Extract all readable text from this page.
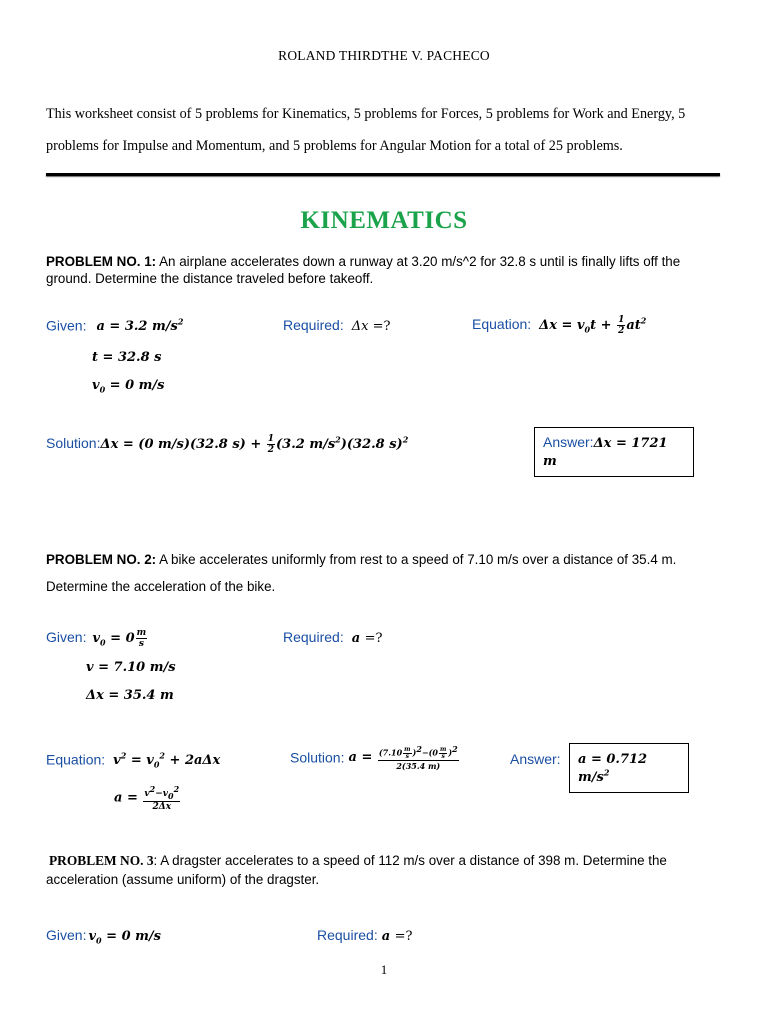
ROLAND THIRDTHE V. PACHECO
This worksheet consist of 5 problems for Kinematics, 5 problems for Forces, 5 problems for Work and Energy, 5 problems for Impulse and Momentum, and 5 problems for Angular Motion for a total of 25 problems.
KINEMATICS
PROBLEM NO. 1: An airplane accelerates down a runway at 3.20 m/s^2 for 32.8 s until is finally lifts off the ground. Determine the distance traveled before takeoff.
Given: a = 3.2 $m/s^2$
t = 32.8 s
$v_0 = 0$ m/s
Required: Δx =?	Equation: $\Delta x = v_0t + \frac{1}{2} at^2$
Solution:Δx = (0 m/s)(32.8 $s) + \frac{1}{2} (3.2$ $m/s^2)(32.8$ s)$^2$	Answer:Δx = 1721 m
PROBLEM NO. 2: A bike accelerates uniformly from rest to a speed of 7.10 m/s over a distance of 35.4 m. Determine the acceleration of the bike.
Given: $v_0 = 0 \frac{m}{s}$
v = 7.10 m/s
Δx = 35.4 m
Required: a =?
Equation: $v^2 = v_0^2 + 2a\Delta x$
$a = \frac{v^2-v_0^2}{2\Delta x}$
Solution: $a = \frac{(7.10 \frac{m}{s} )^2-(0 \frac{m}{s} )^2}{2(35.4 m)}$	Answer:	a = 0.712 $m/s^2$
PROBLEM NO. 3: A dragster accelerates to a speed of 112 m/s over a distance of 398 m. Determine the acceleration (assume uniform) of the dragster.
Given: $v_0 = 0$ m/s	Required: a =?
1
